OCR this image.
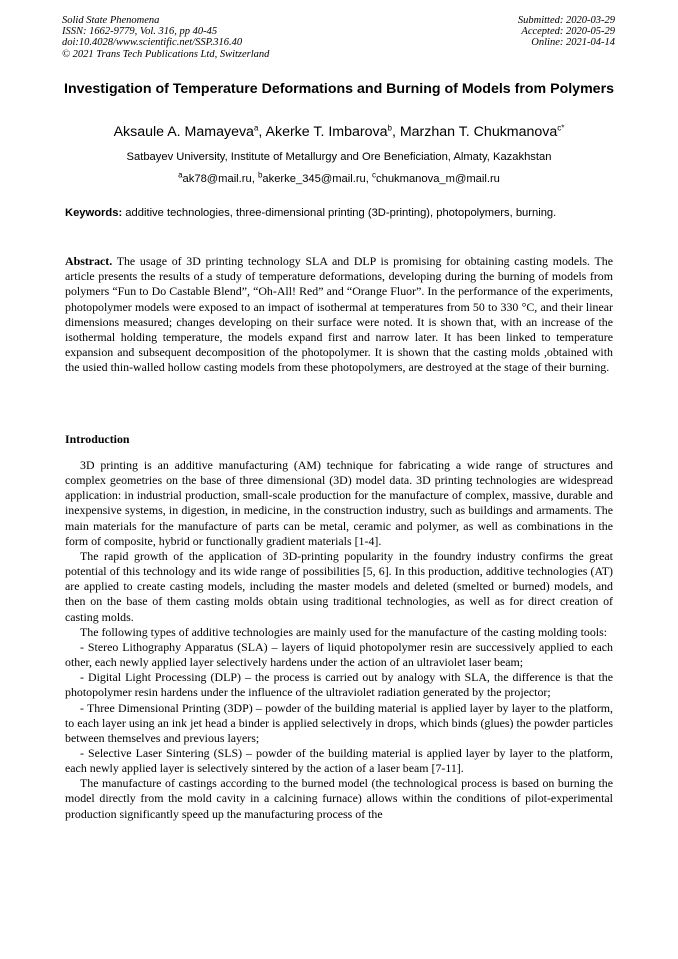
Solid State Phenomena
ISSN: 1662-9779, Vol. 316, pp 40-45
doi:10.4028/www.scientific.net/SSP.316.40
© 2021 Trans Tech Publications Ltd, Switzerland
Submitted: 2020-03-29
Accepted: 2020-05-29
Online: 2021-04-14
Investigation of Temperature Deformations and Burning of Models from Polymers
Aksaule A. Mamayeva$^a$, Akerke T. Imbarova$^b$, Marzhan T. Chukmanova$^{c*}$
Satbayev University, Institute of Metallurgy and Ore Beneficiation, Almaty, Kazakhstan
$^a$ak78@mail.ru, $^b$akerke_345@mail.ru, $^c$chukmanova_m@mail.ru
Keywords: additive technologies, three-dimensional printing (3D-printing), photopolymers, burning.
Abstract. The usage of 3D printing technology SLA and DLP is promising for obtaining casting models. The article presents the results of a study of temperature deformations, developing during the burning of models from polymers “Fun to Do Castable Blend”, “Oh-All! Red” and “Orange Fluor”. In the performance of the experiments, photopolymer models were exposed to an impact of isothermal at temperatures from 50 to 330 °C, and their linear dimensions measured; changes developing on their surface were noted. It is shown that, with an increase of the isothermal holding temperature, the models expand first and narrow later. It has been linked to temperature expansion and subsequent decomposition of the photopolymer. It is shown that the casting molds ,obtained with the usied thin-walled hollow casting models from these photopolymers, are destroyed at the stage of their burning.
Introduction

3D printing is an additive manufacturing (AM) technique for fabricating a wide range of structures and complex geometries on the base of three dimensional (3D) model data. 3D printing technologies are widespread application: in industrial production, small-scale production for the manufacture of complex, massive, durable and inexpensive systems, in digestion, in medicine, in the construction industry, such as buildings and armaments. The main materials for the manufacture of parts can be metal, ceramic and polymer, as well as combinations in the form of composite, hybrid or functionally gradient materials [1-4].

The rapid growth of the application of 3D-printing popularity in the foundry industry confirms the great potential of this technology and its wide range of possibilities [5, 6]. In this production, additive technologies (AT) are applied to create casting models, including the master models and deleted (smelted or burned) models, and then on the base of them casting molds obtain using traditional technologies, as well as for direct creation of casting molds.

The following types of additive technologies are mainly used for the manufacture of the casting molding tools:

- Stereo Lithography Apparatus (SLA) – layers of liquid photopolymer resin are successively applied to each other, each newly applied layer selectively hardens under the action of an ultraviolet laser beam;

- Digital Light Processing (DLP) – the process is carried out by analogy with SLA, the difference is that the photopolymer resin hardens under the influence of the ultraviolet radiation generated by the projector;

- Three Dimensional Printing (3DP) – powder of the building material is applied layer by layer to the platform, to each layer using an ink jet head a binder is applied selectively in drops, which binds (glues) the powder particles between themselves and previous layers;

- Selective Laser Sintering (SLS) – powder of the building material is applied layer by layer to the platform, each newly applied layer is selectively sintered by the action of a laser beam [7-11].

The manufacture of castings according to the burned model (the technological process is based on burning the model directly from the mold cavity in a calcining furnace) allows within the conditions of pilot-experimental production significantly speed up the manufacturing process of the
